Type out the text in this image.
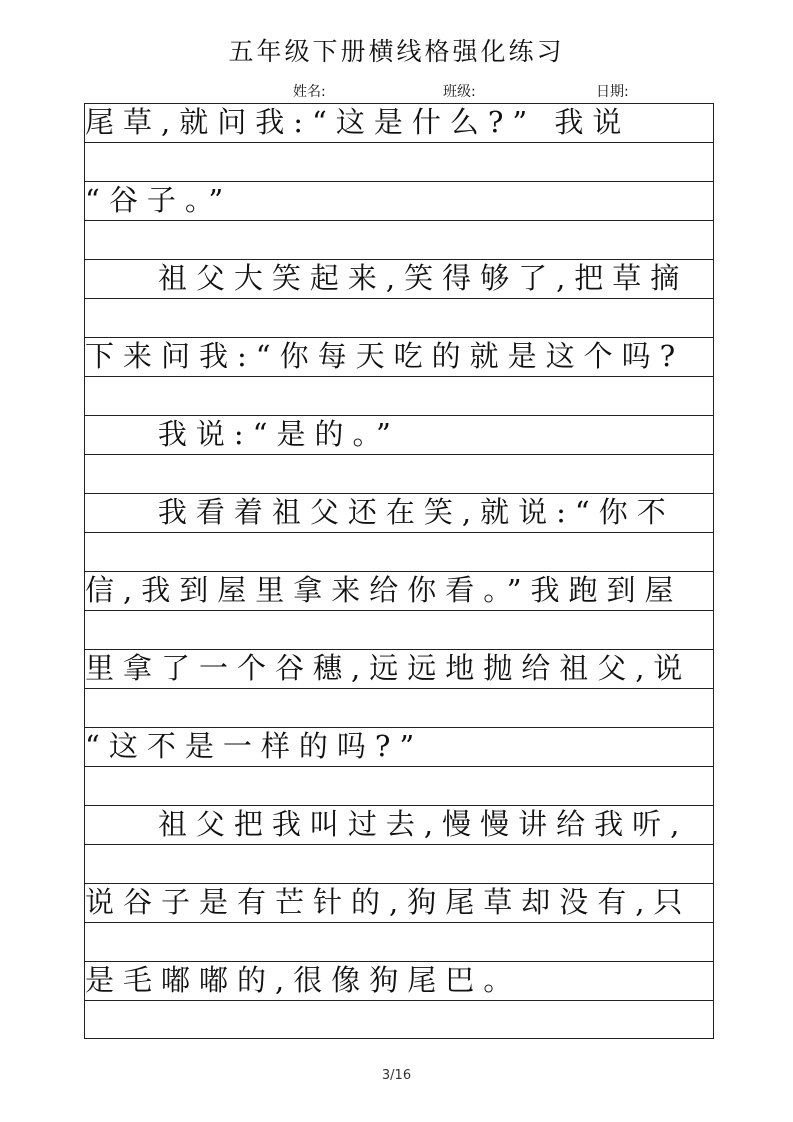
五年级下册横线格强化练习
姓名:	班级:	日期:
尾草,就问我:“这是什么?” 我说
“谷子。”
祖父大笑起来,笑得够了,把草摘
下来问我:“你每天吃的就是这个吗?
我说:“是的。”
我看着祖父还在笑,就说:“你不
信,我到屋里拿来给你看。”我跑到屋
里拿了一个谷穗,远远地抛给祖父,说
“这不是一样的吗?”
祖父把我叫过去,慢慢讲给我听,
说谷子是有芒针的,狗尾草却没有,只
是毛嘟嘟的,很像狗尾巴。
3/16
